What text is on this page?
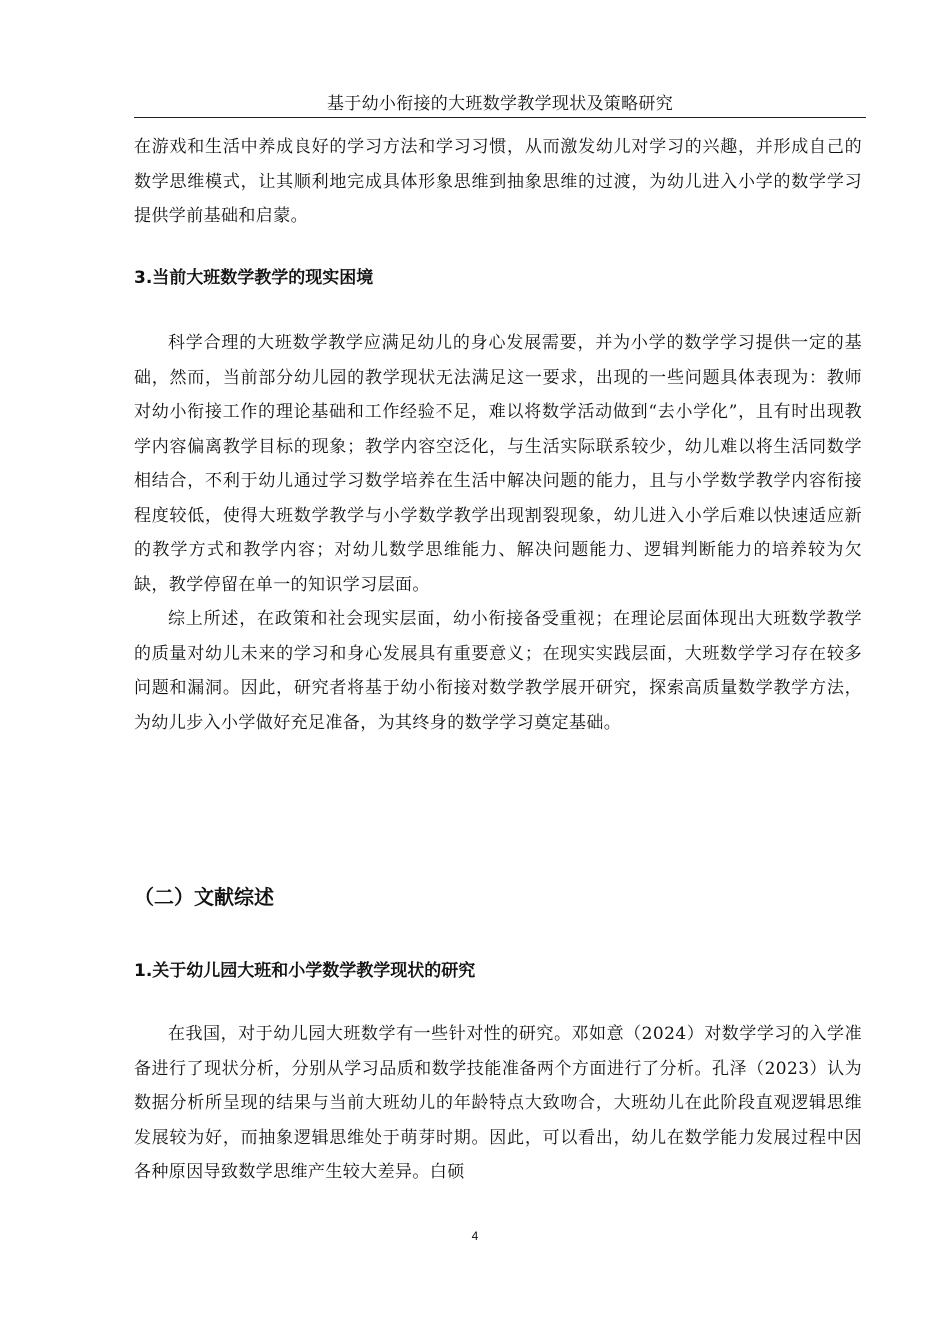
基于幼小衔接的大班数学教学现状及策略研究

在游戏和生活中养成良好的学习方法和学习习惯，从而激发幼儿对学习的兴趣，并形成自己的数学思维模式，让其顺利地完成具体形象思维到抽象思维的过渡，为幼儿进入小学的数学学习提供学前基础和启蒙。

3.当前大班数学教学的现实困境

科学合理的大班数学教学应满足幼儿的身心发展需要，并为小学的数学学习提供一定的基础，然而，当前部分幼儿园的教学现状无法满足这一要求，出现的一些问题具体表现为：教师对幼小衔接工作的理论基础和工作经验不足，难以将数学活动做到“去小学化”，且有时出现教学内容偏离教学目标的现象；教学内容空泛化，与生活实际联系较少，幼儿难以将生活同数学相结合，不利于幼儿通过学习数学培养在生活中解决问题的能力，且与小学数学教学内容衔接程度较低，使得大班数学教学与小学数学教学出现割裂现象，幼儿进入小学后难以快速适应新的教学方式和教学内容；对幼儿数学思维能力、解决问题能力、逻辑判断能力的培养较为欠缺，教学停留在单一的知识学习层面。

综上所述，在政策和社会现实层面，幼小衔接备受重视；在理论层面体现出大班数学教学的质量对幼儿未来的学习和身心发展具有重要意义；在现实实践层面，大班数学学习存在较多问题和漏洞。因此，研究者将基于幼小衔接对数学教学展开研究，探索高质量数学教学方法，为幼儿步入小学做好充足准备，为其终身的数学学习奠定基础。

（二）文献综述
1.关于幼儿园大班和小学数学教学现状的研究

在我国，对于幼儿园大班数学有一些针对性的研究。邓如意（2024）对数学学习的入学准备进行了现状分析，分别从学习品质和数学技能准备两个方面进行了分析。孔泽（2023）认为数据分析所呈现的结果与当前大班幼儿的年龄特点大致吻合，大班幼儿在此阶段直观逻辑思维发展较为好，而抽象逻辑思维处于萌芽时期。因此，可以看出，幼儿在数学能力发展过程中因各种原因导致数学思维产生较大差异。白硕

4
